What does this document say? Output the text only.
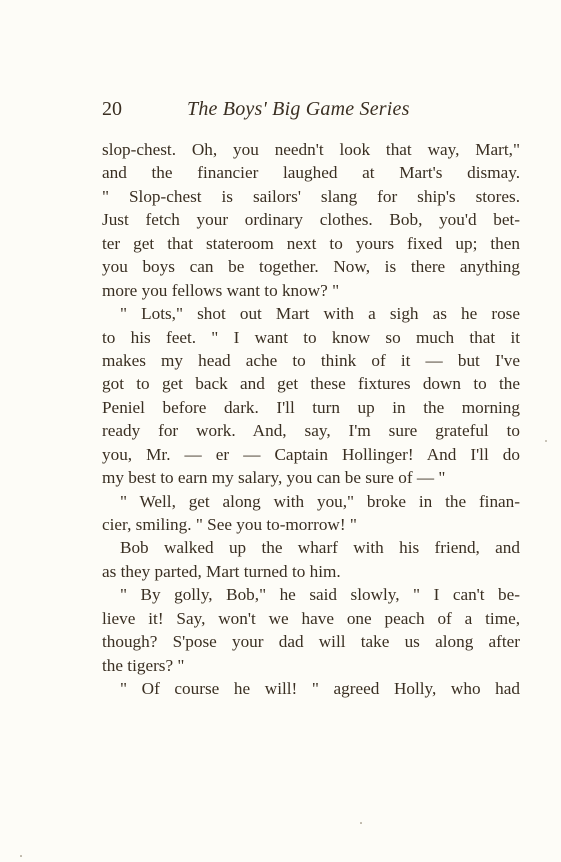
20	The Boys' Big Game Series
slop-chest. Oh, you needn't look that way, Mart,"
and the financier laughed at Mart's dismay.
" Slop-chest is sailors' slang for ship's stores.
Just fetch your ordinary clothes. Bob, you'd bet-
ter get that stateroom next to yours fixed up; then
you boys can be together. Now, is there anything
more you fellows want to know? "
" Lots," shot out Mart with a sigh as he rose
to his feet. " I want to know so much that it
makes my head ache to think of it — but I've
got to get back and get these fixtures down to the
Peniel before dark. I'll turn up in the morning
ready for work. And, say, I'm sure grateful to
you, Mr. — er — Captain Hollinger! And I'll do
my best to earn my salary, you can be sure of — "
" Well, get along with you," broke in the finan-
cier, smiling. " See you to-morrow! "
Bob walked up the wharf with his friend, and
as they parted, Mart turned to him.
" By golly, Bob," he said slowly, " I can't be-
lieve it! Say, won't we have one peach of a time,
though? S'pose your dad will take us along after
the tigers? "
" Of course he will! " agreed Holly, who had
